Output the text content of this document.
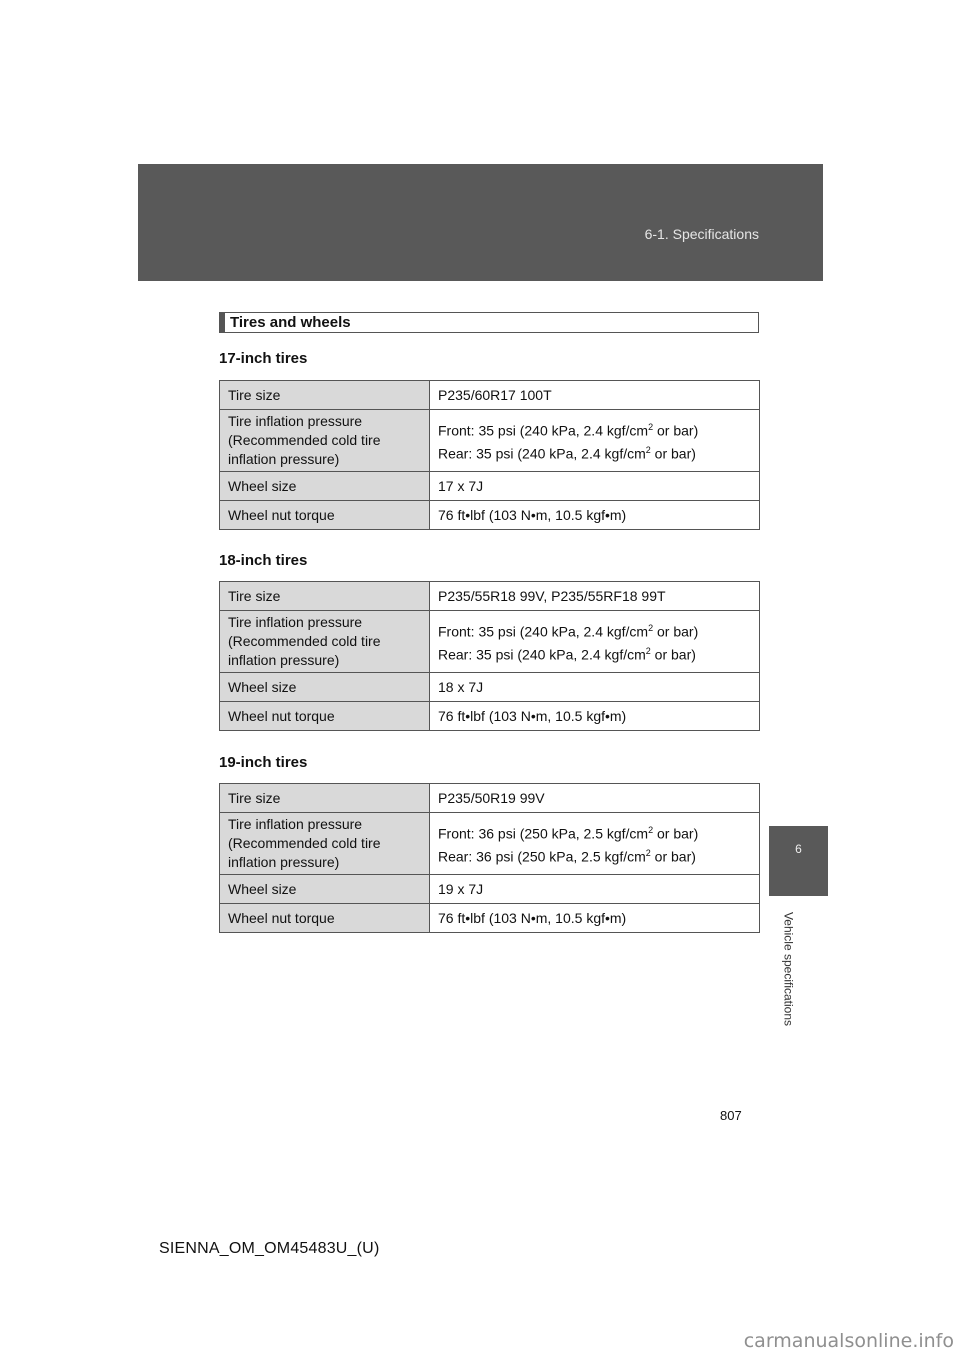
6-1. Specifications
6
Vehicle specifications
Tires and wheels
17-inch tires
Tire size	P235/60R17 100T

Tire inflation pressure
(Recommended cold tire
inflation pressure)	Front: 35 psi (240 kPa, 2.4 kgf/$cm^2$ or bar)
Rear: 35 psi (240 kPa, 2.4 kgf/$cm^2$ or bar)

Wheel size	17 x 7J
Wheel nut torque	76 ft•lbf (103 N•m, 10.5 kgf•m)
18-inch tires
Tire size	P235/55R18 99V, P235/55RF18 99T

Tire inflation pressure
(Recommended cold tire
inflation pressure)	Front: 35 psi (240 kPa, 2.4 kgf/$cm^2$ or bar)
Rear: 35 psi (240 kPa, 2.4 kgf/$cm^2$ or bar)

Wheel size	18 x 7J
Wheel nut torque	76 ft•lbf (103 N•m, 10.5 kgf•m)
19-inch tires
Tire size	P235/50R19 99V

Tire inflation pressure
(Recommended cold tire
inflation pressure)	Front: 36 psi (250 kPa, 2.5 kgf/$cm^2$ or bar)
Rear: 36 psi (250 kPa, 2.5 kgf/$cm^2$ or bar)

Wheel size	19 x 7J
Wheel nut torque	76 ft•lbf (103 N•m, 10.5 kgf•m)
807
SIENNA_OM_OM45483U_(U)
carmanualsonline.info
